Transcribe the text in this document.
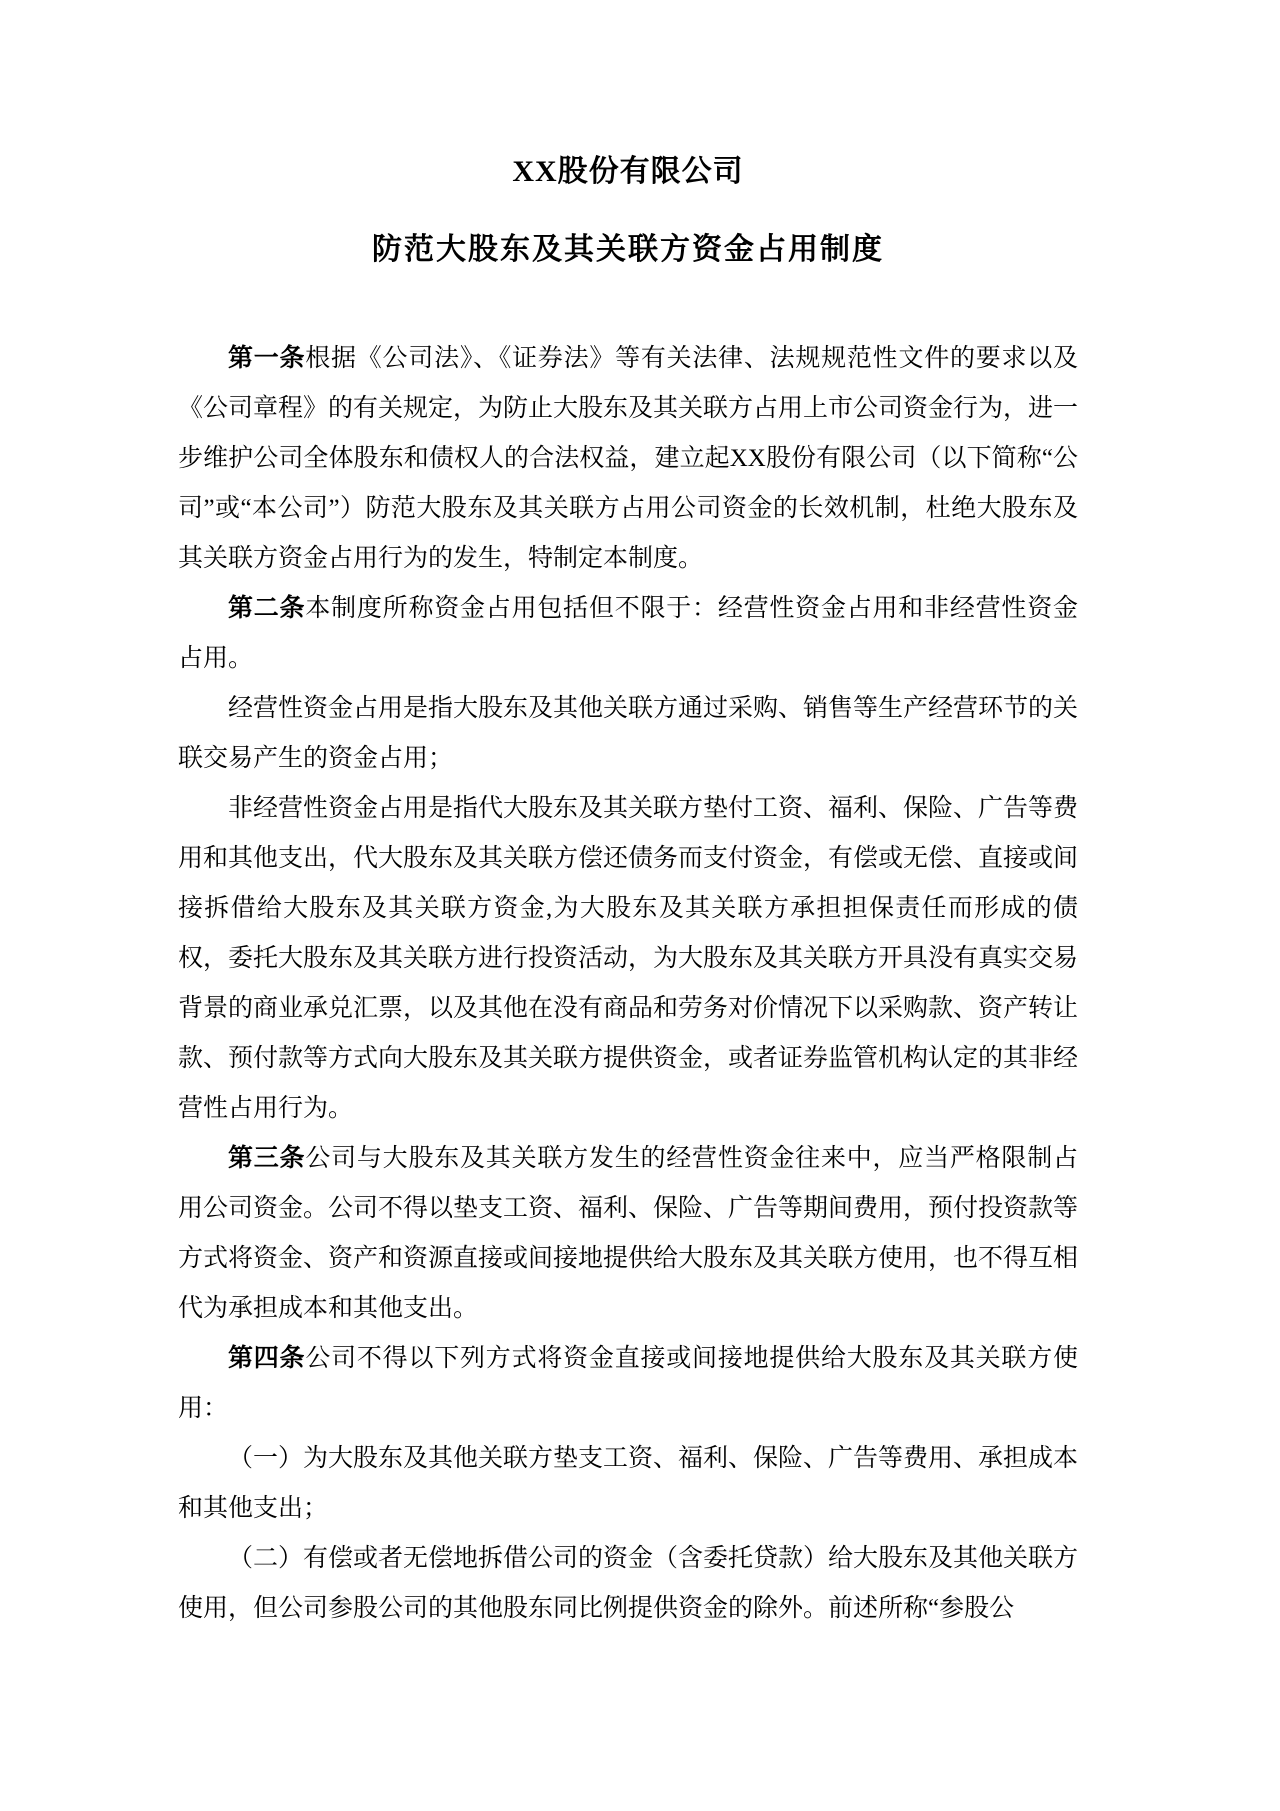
XX股份有限公司
防范大股东及其关联方资金占用制度

第一条根据《公司法》、《证券法》等有关法律、法规规范性文件的要求以及《公司章程》的有关规定，为防止大股东及其关联方占用上市公司资金行为，进一步维护公司全体股东和债权人的合法权益，建立起XX股份有限公司（以下简称“公司”或“本公司”）防范大股东及其关联方占用公司资金的长效机制，杜绝大股东及其关联方资金占用行为的发生，特制定本制度。

第二条本制度所称资金占用包括但不限于：经营性资金占用和非经营性资金占用。

经营性资金占用是指大股东及其他关联方通过采购、销售等生产经营环节的关联交易产生的资金占用；

非经营性资金占用是指代大股东及其关联方垫付工资、福利、保险、广告等费用和其他支出，代大股东及其关联方偿还债务而支付资金，有偿或无偿、直接或间接拆借给大股东及其关联方资金,为大股东及其关联方承担担保责任而形成的债权，委托大股东及其关联方进行投资活动，为大股东及其关联方开具没有真实交易背景的商业承兑汇票，以及其他在没有商品和劳务对价情况下以采购款、资产转让款、预付款等方式向大股东及其关联方提供资金，或者证券监管机构认定的其非经营性占用行为。

第三条公司与大股东及其关联方发生的经营性资金往来中，应当严格限制占用公司资金。公司不得以垫支工资、福利、保险、广告等期间费用，预付投资款等方式将资金、资产和资源直接或间接地提供给大股东及其关联方使用，也不得互相代为承担成本和其他支出。

第四条公司不得以下列方式将资金直接或间接地提供给大股东及其关联方使用：

（一）为大股东及其他关联方垫支工资、福利、保险、广告等费用、承担成本和其他支出；

（二）有偿或者无偿地拆借公司的资金（含委托贷款）给大股东及其他关联方使用，但公司参股公司的其他股东同比例提供资金的除外。前述所称“参股公
